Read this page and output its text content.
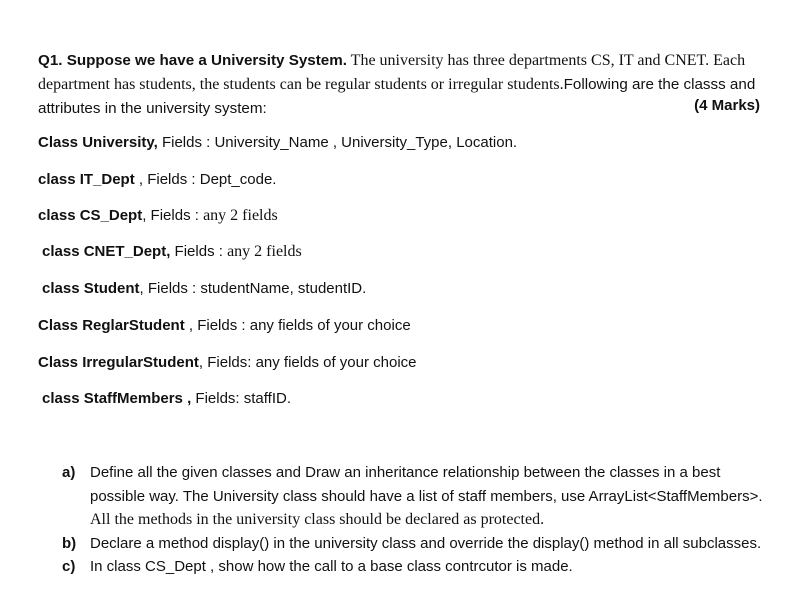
Q1. Suppose we have a University System. The university has three departments CS, IT and CNET. Each department has students, the students can be regular students or irregular students.Following are the classs and attributes in the university system:	(4 Marks)
Class University, Fields : University_Name , University_Type, Location.
class IT_Dept , Fields : Dept_code.
class CS_Dept, Fields : any 2 fields
class CNET_Dept, Fields : any 2 fields
class Student, Fields : studentName, studentID.
Class ReglarStudent , Fields : any fields of your choice
Class IrregularStudent, Fields: any fields of your choice
class StaffMembers , Fields: staffID.
a) Define all the given classes and Draw an inheritance relationship between the classes in a best possible way. The University class should have a list of staff members, use ArrayList<StaffMembers>. All the methods in the university class should be declared as protected.
b) Declare a method display() in the university class and override the display() method in all subclasses.
c) In class CS_Dept , show how the call to a base class contrcutor is made.
